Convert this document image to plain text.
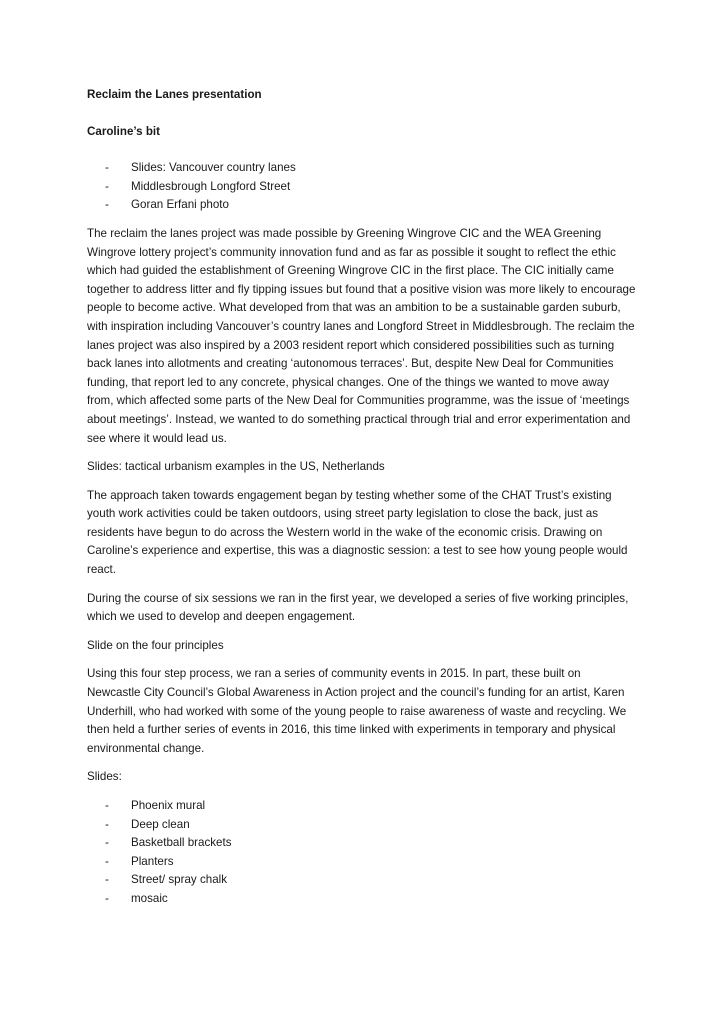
Reclaim the Lanes presentation
Caroline’s bit
- Slides: Vancouver country lanes
- Middlesbrough Longford Street
- Goran Erfani photo

The reclaim the lanes project was made possible by Greening Wingrove CIC and the WEA Greening Wingrove lottery project’s community innovation fund and as far as possible it sought to reflect the ethic which had guided the establishment of Greening Wingrove CIC in the first place. The CIC initially came together to address litter and fly tipping issues but found that a positive vision was more likely to encourage people to become active. What developed from that was an ambition to be a sustainable garden suburb, with inspiration including Vancouver’s country lanes and Longford Street in Middlesbrough. The reclaim the lanes project was also inspired by a 2003 resident report which considered possibilities such as turning back lanes into allotments and creating ‘autonomous terraces’. But, despite New Deal for Communities funding, that report led to any concrete, physical changes. One of the things we wanted to move away from, which affected some parts of the New Deal for Communities programme, was the issue of ‘meetings about meetings’. Instead, we wanted to do something practical through trial and error experimentation and see where it would lead us.

Slides: tactical urbanism examples in the US, Netherlands

The approach taken towards engagement began by testing whether some of the CHAT Trust’s existing youth work activities could be taken outdoors, using street party legislation to close the back, just as residents have begun to do across the Western world in the wake of the economic crisis. Drawing on Caroline’s experience and expertise, this was a diagnostic session: a test to see how young people would react.

During the course of six sessions we ran in the first year, we developed a series of five working principles, which we used to develop and deepen engagement.

Slide on the four principles

Using this four step process, we ran a series of community events in 2015. In part, these built on Newcastle City Council’s Global Awareness in Action project and the council’s funding for an artist, Karen Underhill, who had worked with some of the young people to raise awareness of waste and recycling. We then held a further series of events in 2016, this time linked with experiments in temporary and physical environmental change.

Slides:

- Phoenix mural
- Deep clean
- Basketball brackets
- Planters
- Street/ spray chalk
- mosaic
